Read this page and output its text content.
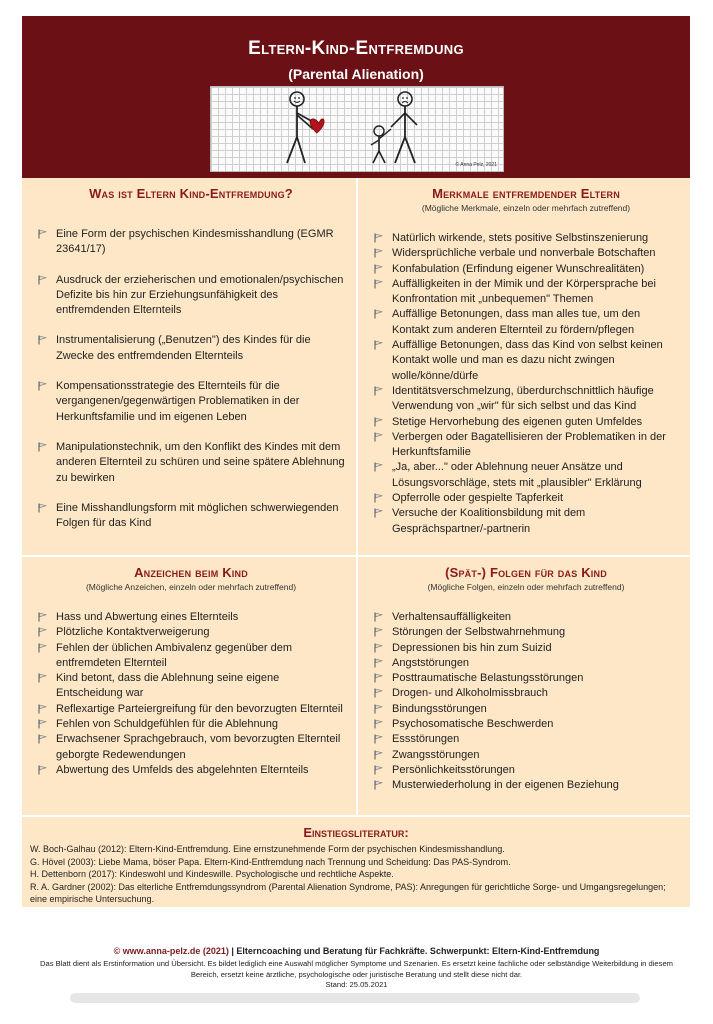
Eltern-Kind-Entfremdung
(Parental Alienation)
© Anna Pelz, 2021
Was ist Eltern Kind-Entfremdung?
Eine Form der psychischen Kindesmisshandlung (EGMR 23641/17)
Ausdruck der erzieherischen und emotionalen/psychischen Defizite bis hin zur Erziehungsunfähigkeit des entfremdenden Elternteils
Instrumentalisierung („Benutzen") des Kindes für die Zwecke des entfremdenden Elternteils
Kompensationsstrategie des Elternteils für die vergangenen/gegenwärtigen Problematiken in der Herkunftsfamilie und im eigenen Leben
Manipulationstechnik, um den Konflikt des Kindes mit dem anderen Elternteil zu schüren und seine spätere Ablehnung zu bewirken
Eine Misshandlungsform mit möglichen schwerwiegenden Folgen für das Kind
Merkmale entfremdender Eltern
(Mögliche Merkmale, einzeln oder mehrfach zutreffend)
Natürlich wirkende, stets positive Selbstinszenierung
Widersprüchliche verbale und nonverbale Botschaften
Konfabulation (Erfindung eigener Wunschrealitäten)
Auffälligkeiten in der Mimik und der Körpersprache bei Konfrontation mit „unbequemen" Themen
Auffällige Betonungen, dass man alles tue, um den Kontakt zum anderen Elternteil zu fördern/pflegen
Auffällige Betonungen, dass das Kind von selbst keinen Kontakt wolle und man es dazu nicht zwingen wolle/könne/dürfe
Identitätsverschmelzung, überdurchschnittlich häufige Verwendung von „wir" für sich selbst und das Kind
Stetige Hervorhebung des eigenen guten Umfeldes
Verbergen oder Bagatellisieren der Problematiken in der Herkunftsfamilie
„Ja, aber..." oder Ablehnung neuer Ansätze und Lösungsvorschläge, stets mit „plausibler" Erklärung
Opferrolle oder gespielte Tapferkeit
Versuche der Koalitionsbildung mit dem Gesprächspartner/-partnerin
Anzeichen beim Kind
(Mögliche Anzeichen, einzeln oder mehrfach zutreffend)
Hass und Abwertung eines Elternteils
Plötzliche Kontaktverweigerung
Fehlen der üblichen Ambivalenz gegenüber dem entfremdeten Elternteil
Kind betont, dass die Ablehnung seine eigene Entscheidung war
Reflexartige Parteiergreifung für den bevorzugten Elternteil
Fehlen von Schuldgefühlen für die Ablehnung
Erwachsener Sprachgebrauch, vom bevorzugten Elternteil geborgte Redewendungen
Abwertung des Umfelds des abgelehnten Elternteils
(Spät-) Folgen für das Kind
(Mögliche Folgen, einzeln oder mehrfach zutreffend)
Verhaltensauffälligkeiten
Störungen der Selbstwahrnehmung
Depressionen bis hin zum Suizid
Angststörungen
Posttraumatische Belastungsstörungen
Drogen- und Alkoholmissbrauch
Bindungsstörungen
Psychosomatische Beschwerden
Essstörungen
Zwangsstörungen
Persönlichkeitsstörungen
Musterwiederholung in der eigenen Beziehung
Einstiegsliteratur:
W. Boch-Galhau (2012): Eltern-Kind-Entfremdung. Eine ernstzunehmende Form der psychischen Kindesmisshandlung.
G. Hövel (2003): Liebe Mama, böser Papa. Eltern-Kind-Entfremdung nach Trennung und Scheidung: Das PAS-Syndrom.
H. Dettenborn (2017): Kindeswohl und Kindeswille. Psychologische und rechtliche Aspekte.
R. A. Gardner (2002): Das elterliche Entfremdungssyndrom (Parental Alienation Syndrome, PAS): Anregungen für gerichtliche Sorge- und Umgangsregelungen; eine empirische Untersuchung.
© www.anna-pelz.de (2021) | Elterncoaching und Beratung für Fachkräfte. Schwerpunkt: Eltern-Kind-Entfremdung
Das Blatt dient als Erstinformation und Übersicht. Es bildet lediglich eine Auswahl möglicher Symptome und Szenarien. Es ersetzt keine fachliche oder selbständige Weiterbildung in diesem Bereich, ersetzt keine ärztliche, psychologische oder juristische Beratung und stellt diese nicht dar.
Stand: 25.05.2021
